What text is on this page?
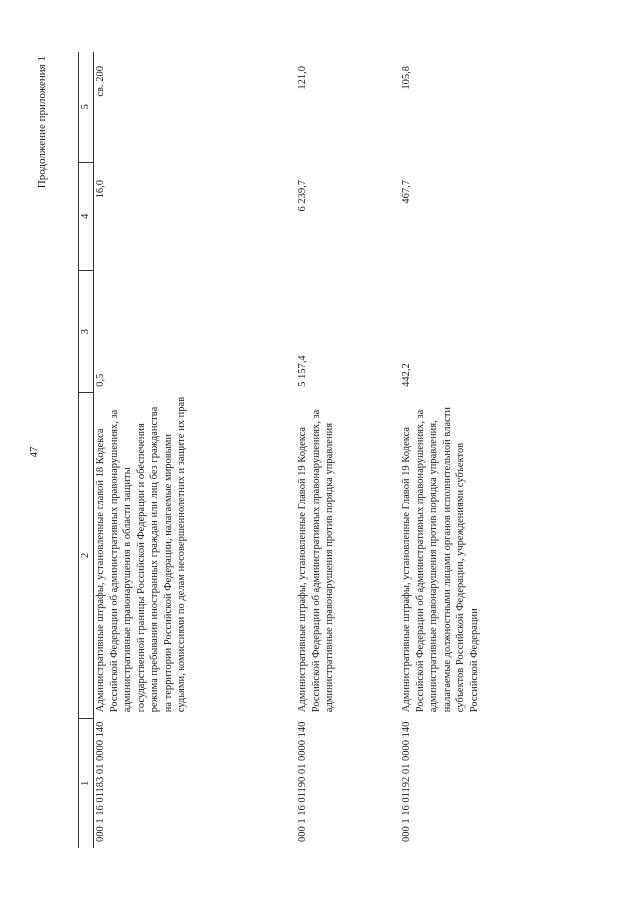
47
Продолжение приложения 1
1	2	3	4	5
000 1 16 01183 01 0000 140	Административные штрафы, установленные главой 18 Кодекса Российской Федерации об административных правонарушениях, за административные правонарушения в области защиты государственной границы Российской Федерации и обеспечения режима пребывания иностранных граждан или лиц без гражданства на территории Российской Федерации, налагаемые мировыми судьями, комиссиями по делам несовершеннолетних и защите их прав	0,5	16,0	св. 200
000 1 16 01190 01 0000 140	Административные штрафы, установленные Главой 19 Кодекса Российской Федерации об административных правонарушениях, за административные правонарушения против порядка управления	5 157,4	6 239,7	121,0
000 1 16 01192 01 0000 140	Административные штрафы, установленные Главой 19 Кодекса Российской Федерации об административных правонарушениях, за административные правонарушения против порядка управления, налагаемые должностными лицами органов исполнительной власти субъектов Российской Федерации, учреждениями субъектов Российской Федерации	442,2	467,7	105,8
